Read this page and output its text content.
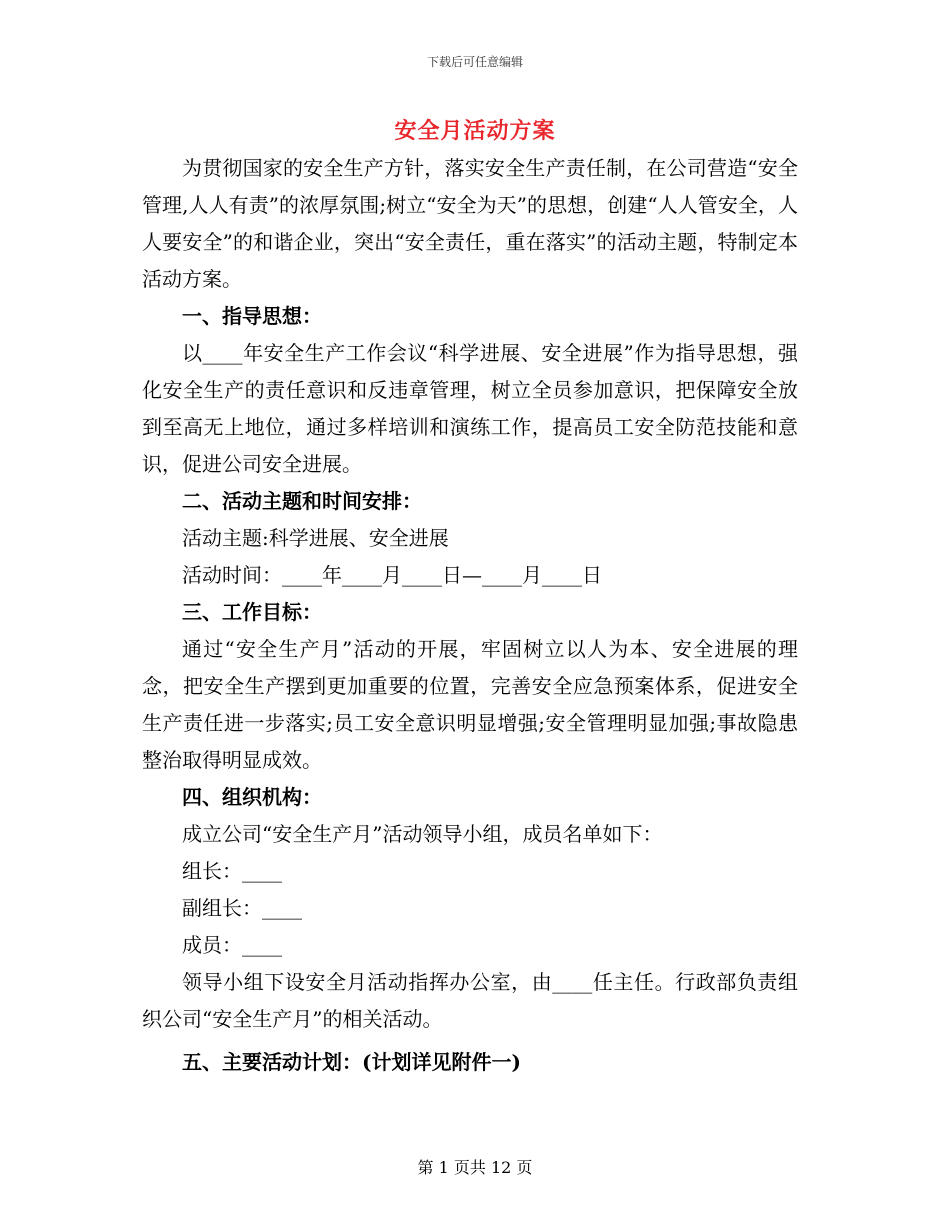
下载后可任意编辑
安全月活动方案

为贯彻国家的安全生产方针，落实安全生产责任制，在公司营造“安全管理,人人有责”的浓厚氛围;树立“安全为天”的思想，创建“人人管安全，人人要安全”的和谐企业，突出“安全责任，重在落实”的活动主题，特制定本活动方案。

一、指导思想：

以____年安全生产工作会议“科学进展、安全进展”作为指导思想，强化安全生产的责任意识和反违章管理，树立全员参加意识，把保障安全放到至高无上地位，通过多样培训和演练工作，提高员工安全防范技能和意识，促进公司安全进展。

二、活动主题和时间安排：

活动主题:科学进展、安全进展

活动时间：____年____月____日—____月____日

三、工作目标：

通过“安全生产月”活动的开展，牢固树立以人为本、安全进展的理念，把安全生产摆到更加重要的位置，完善安全应急预案体系，促进安全生产责任进一步落实;员工安全意识明显增强;安全管理明显加强;事故隐患整治取得明显成效。

四、组织机构：

成立公司“安全生产月”活动领导小组，成员名单如下：

组长：____

副组长：____

成员：____

领导小组下设安全月活动指挥办公室，由____任主任。行政部负责组织公司“安全生产月”的相关活动。

五、主要活动计划：(计划详见附件一)

第 1 页共 12 页
